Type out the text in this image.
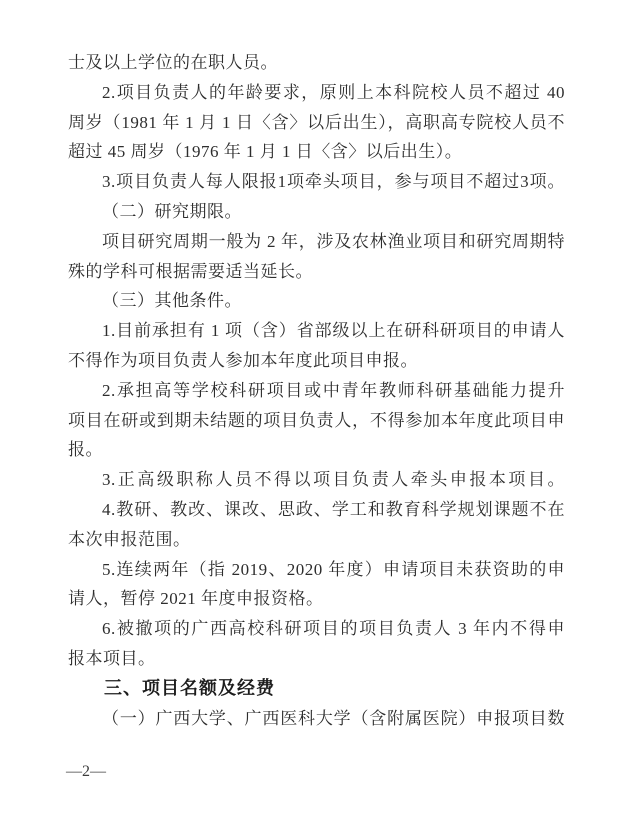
士及以上学位的在职人员。
2.项目负责人的年龄要求，原则上本科院校人员不超过 40
周岁（1981 年 1 月 1 日〈含〉以后出生），高职高专院校人员不
超过 45 周岁（1976 年 1 月 1 日〈含〉以后出生）。
3.项目负责人每人限报1项牵头项目，参与项目不超过3项。
（二）研究期限。
项目研究周期一般为 2 年，涉及农林渔业项目和研究周期特
殊的学科可根据需要适当延长。
（三）其他条件。
1.目前承担有 1 项（含）省部级以上在研科研项目的申请人
不得作为项目负责人参加本年度此项目申报。
2.承担高等学校科研项目或中青年教师科研基础能力提升
项目在研或到期未结题的项目负责人，不得参加本年度此项目申
报。
3.正高级职称人员不得以项目负责人牵头申报本项目。
4.教研、教改、课改、思政、学工和教育科学规划课题不在
本次申报范围。
5.连续两年（指 2019、2020 年度）申请项目未获资助的申
请人，暂停 2021 年度申报资格。
6.被撤项的广西高校科研项目的项目负责人 3 年内不得申
报本项目。
三、项目名额及经费
（一）广西大学、广西医科大学（含附属医院）申报项目数
—2—
